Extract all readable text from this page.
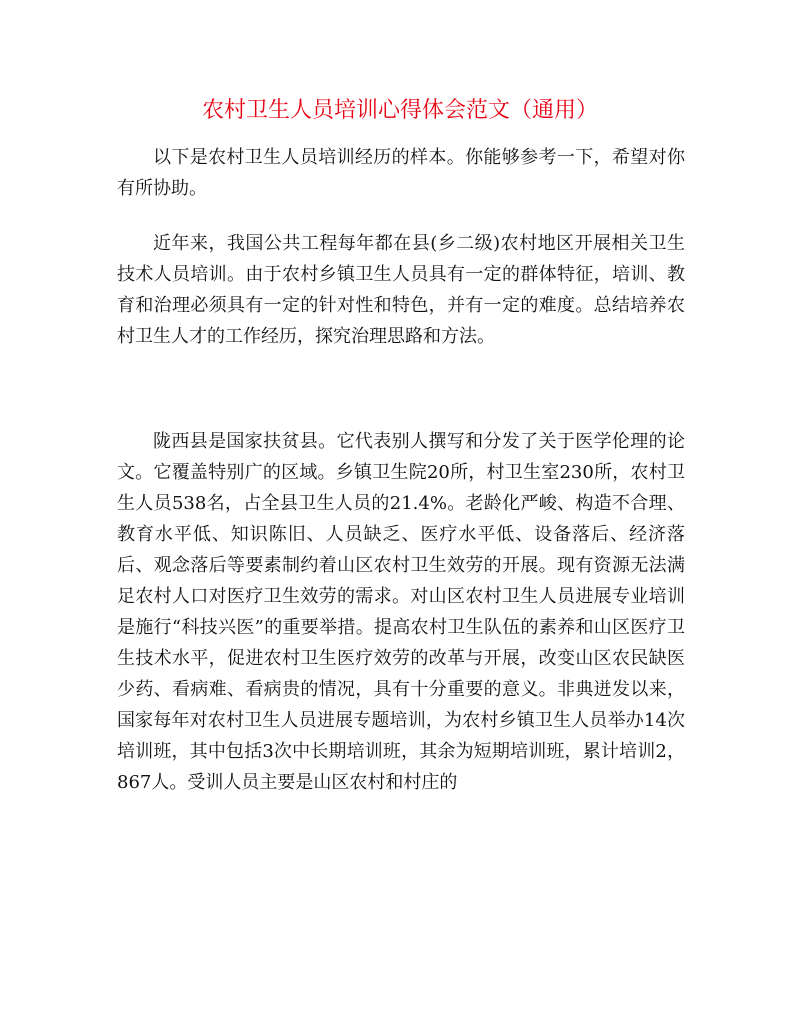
农村卫生人员培训心得体会范文（通用）

以下是农村卫生人员培训经历的样本。你能够参考一下，希望对你有所协助。

近年来，我国公共工程每年都在县(乡二级)农村地区开展相关卫生技术人员培训。由于农村乡镇卫生人员具有一定的群体特征，培训、教育和治理必须具有一定的针对性和特色，并有一定的难度。总结培养农村卫生人才的工作经历，探究治理思路和方法。

陇西县是国家扶贫县。它代表别人撰写和分发了关于医学伦理的论文。它覆盖特别广的区域。乡镇卫生院20所，村卫生室230所，农村卫生人员538名，占全县卫生人员的21.4%。老龄化严峻、构造不合理、教育水平低、知识陈旧、人员缺乏、医疗水平低、设备落后、经济落后、观念落后等要素制约着山区农村卫生效劳的开展。现有资源无法满足农村人口对医疗卫生效劳的需求。对山区农村卫生人员进展专业培训是施行“科技兴医”的重要举措。提高农村卫生队伍的素养和山区医疗卫生技术水平，促进农村卫生医疗效劳的改革与开展，改变山区农民缺医少药、看病难、看病贵的情况，具有十分重要的意义。非典迸发以来，国家每年对农村卫生人员进展专题培训，为农村乡镇卫生人员举办14次培训班，其中包括3次中长期培训班，其余为短期培训班，累计培训2，867人。受训人员主要是山区农村和村庄的
